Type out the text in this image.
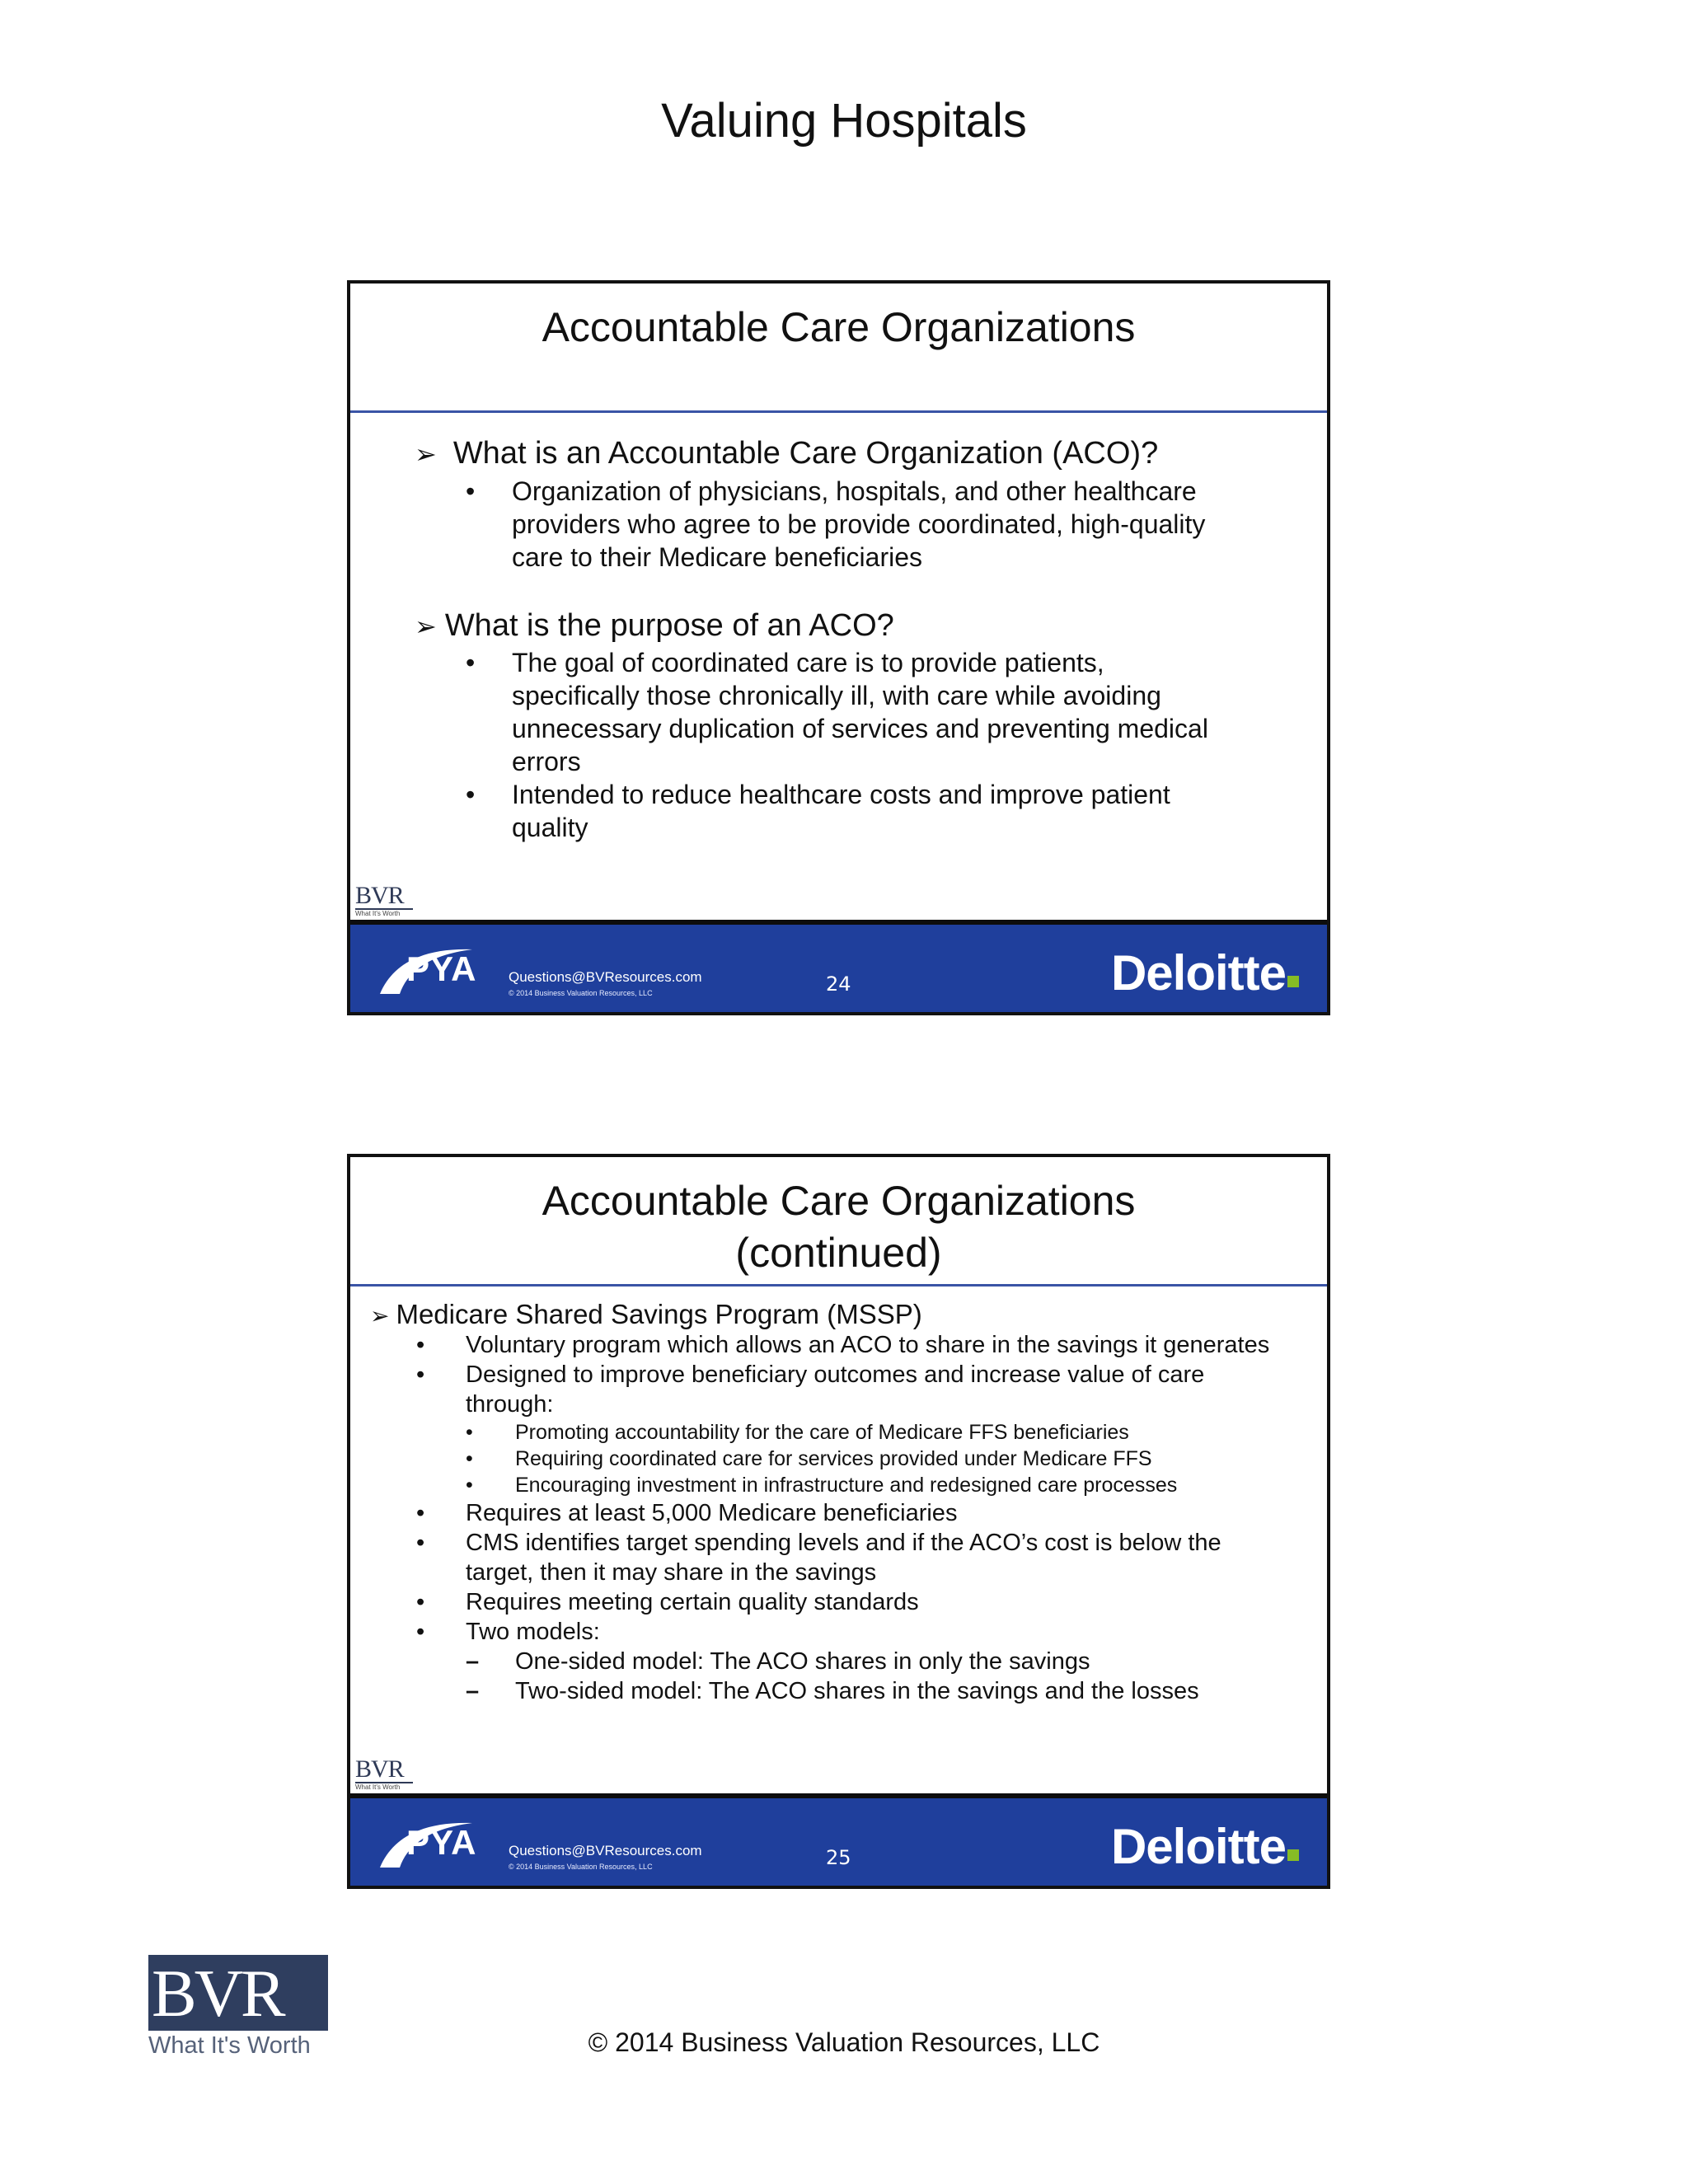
Valuing Hospitals
Accountable Care Organizations
➢ What is an Accountable Care Organization (ACO)?
• Organization of physicians, hospitals, and other healthcare
providers who agree to be provide coordinated, high-quality
care to their Medicare beneficiaries
➢ What is the purpose of an ACO?
• The goal of coordinated care is to provide patients,
specifically those chronically ill, with care while avoiding
unnecessary duplication of services and preventing medical
errors
• Intended to reduce healthcare costs and improve patient
quality
BVR
What It's Worth
PYA Questions@BVResources.com
© 2014 Business Valuation Resources, LLC	24	Deloitte
Accountable Care Organizations
(continued)
➢ Medicare Shared Savings Program (MSSP)
• Voluntary program which allows an ACO to share in the savings it generates
• Designed to improve beneficiary outcomes and increase value of care
through:
• Promoting accountability for the care of Medicare FFS beneficiaries
• Requiring coordinated care for services provided under Medicare FFS
• Encouraging investment in infrastructure and redesigned care processes
• Requires at least 5,000 Medicare beneficiaries
• CMS identifies target spending levels and if the ACO’s cost is below the
target, then it may share in the savings
• Requires meeting certain quality standards
• Two models:
– One-sided model: The ACO shares in only the savings
– Two-sided model: The ACO shares in the savings and the losses
BVR
What It's Worth
PYA Questions@BVResources.com
© 2014 Business Valuation Resources, LLC	25	Deloitte
BVR
What It's Worth	© 2014 Business Valuation Resources, LLC
